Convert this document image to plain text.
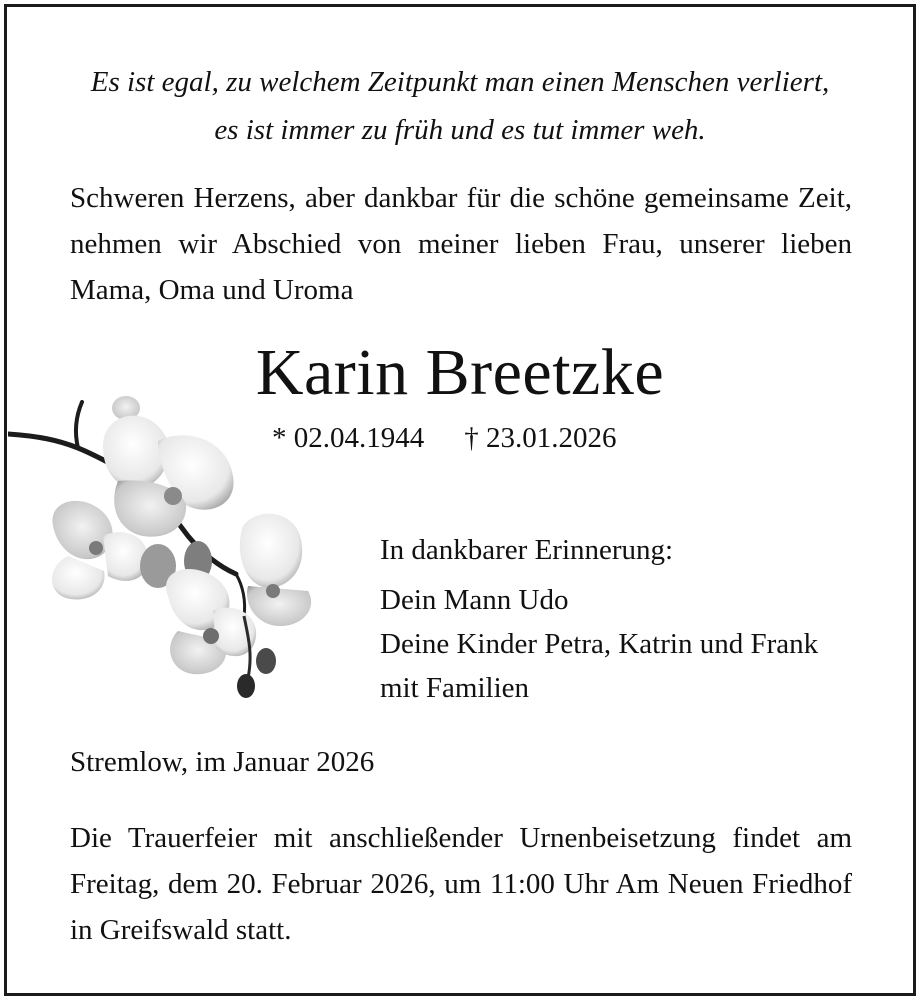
Es ist egal, zu welchem Zeitpunkt man einen Menschen verliert,
es ist immer zu früh und es tut immer weh.
Schweren Herzens, aber dankbar für die schöne gemeinsame Zeit, nehmen wir Abschied von meiner lieben Frau, unserer lieben Mama, Oma und Uroma
Karin Breetzke
* 02.04.1944 † 23.01.2026
In dankbarer Erinnerung:
Dein Mann Udo
Deine Kinder Petra, Katrin und Frank
mit Familien
Stremlow, im Januar 2026
Die Trauerfeier mit anschließender Urnenbeisetzung findet am Freitag, dem 20. Februar 2026, um 11:00 Uhr Am Neuen Friedhof in Greifswald statt.
